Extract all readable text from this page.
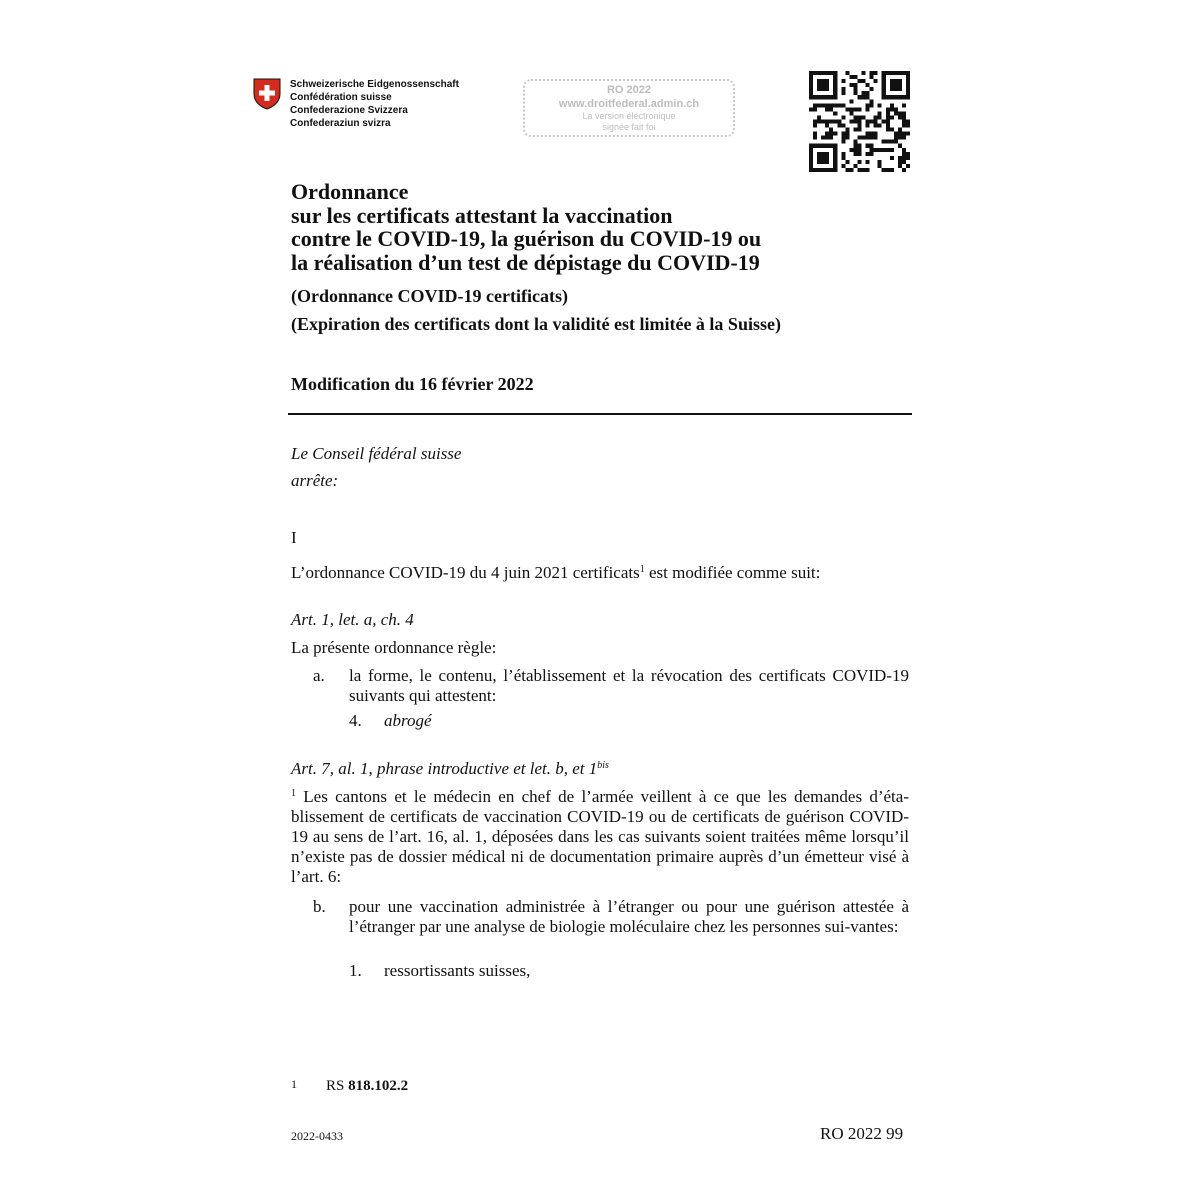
Schweizerische Eidgenossenschaft
Confédération suisse
Confederazione Svizzera
Confederaziun svizra
RO 2022
www.droitfederal.admin.ch
La version électronique
signée fait foi
Ordonnance
sur les certificats attestant la vaccination
contre le COVID-19, la guérison du COVID-19 ou
la réalisation d’un test de dépistage du COVID-19
(Ordonnance COVID-19 certificats)
(Expiration des certificats dont la validité est limitée à la Suisse)
Modification du 16 février 2022
Le Conseil fédéral suisse
arrête:
I
L’ordonnance COVID-19 du 4 juin 2021 certificats$^1$ est modifiée comme suit:
Art. 1, let. a, ch. 4
La présente ordonnance règle:
a. la forme, le contenu, l’établissement et la révocation des certificats COVID-19 suivants qui attestent:
4. abrogé
Art. 7, al. 1, phrase introductive et let. b, et $1^{bis}$
$^1$ Les cantons et le médecin en chef de l’armée veillent à ce que les demandes d’éta-blissement de certificats de vaccination COVID-19 ou de certificats de guérison COVID-19 au sens de l’art. 16, al. 1, déposées dans les cas suivants soient traitées même lorsqu’il n’existe pas de dossier médical ni de documentation primaire auprès d’un émetteur visé à l’art. 6:
b. pour une vaccination administrée à l’étranger ou pour une guérison attestée à l’étranger par une analyse de biologie moléculaire chez les personnes sui-vantes:
1. ressortissants suisses,
1 RS 818.102.2
2022-0433	RO 2022 99
